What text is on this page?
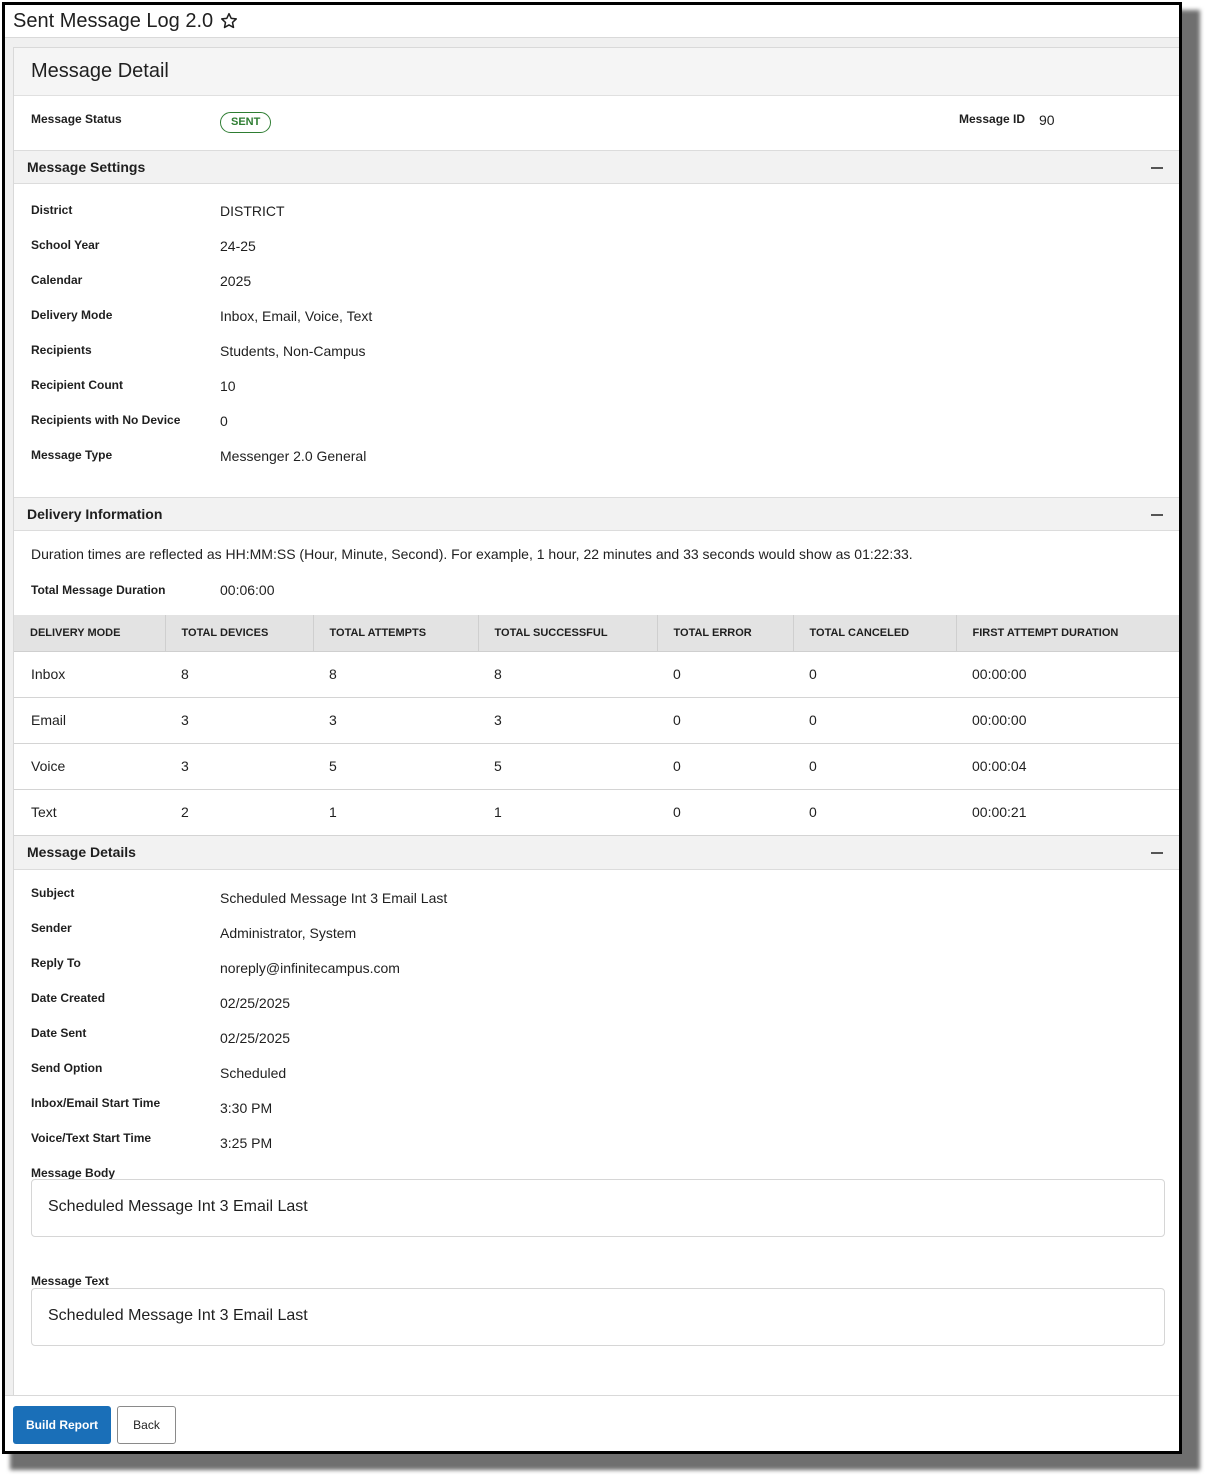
Sent Message Log 2.0
Message Detail
Message Status	SENT	Message ID 90
Message Settings
District	DISTRICT
School Year	24-25
Calendar	2025
Delivery Mode	Inbox, Email, Voice, Text
Recipients	Students, Non-Campus
Recipient Count	10
Recipients with No Device	0
Message Type	Messenger 2.0 General
Delivery Information
Duration times are reflected as HH:MM:SS (Hour, Minute, Second). For example, 1 hour, 22 minutes and 33 seconds would show as 01:22:33.
Total Message Duration	00:06:00
DELIVERY MODE	TOTAL DEVICES	TOTAL ATTEMPTS	TOTAL SUCCESSFUL	TOTAL ERROR	TOTAL CANCELED	FIRST ATTEMPT DURATION
Inbox	8	8	8	0	0	00:00:00
Email	3	3	3	0	0	00:00:00
Voice	3	5	5	0	0	00:00:04
Text	2	1	1	0	0	00:00:21
Message Details
Subject	Scheduled Message Int 3 Email Last
Sender	Administrator, System
Reply To	noreply@infinitecampus.com
Date Created	02/25/2025
Date Sent	02/25/2025
Send Option	Scheduled
Inbox/Email Start Time	3:30 PM
Voice/Text Start Time	3:25 PM
Message Body
Scheduled Message Int 3 Email Last
Message Text
Scheduled Message Int 3 Email Last
Build Report	Back
